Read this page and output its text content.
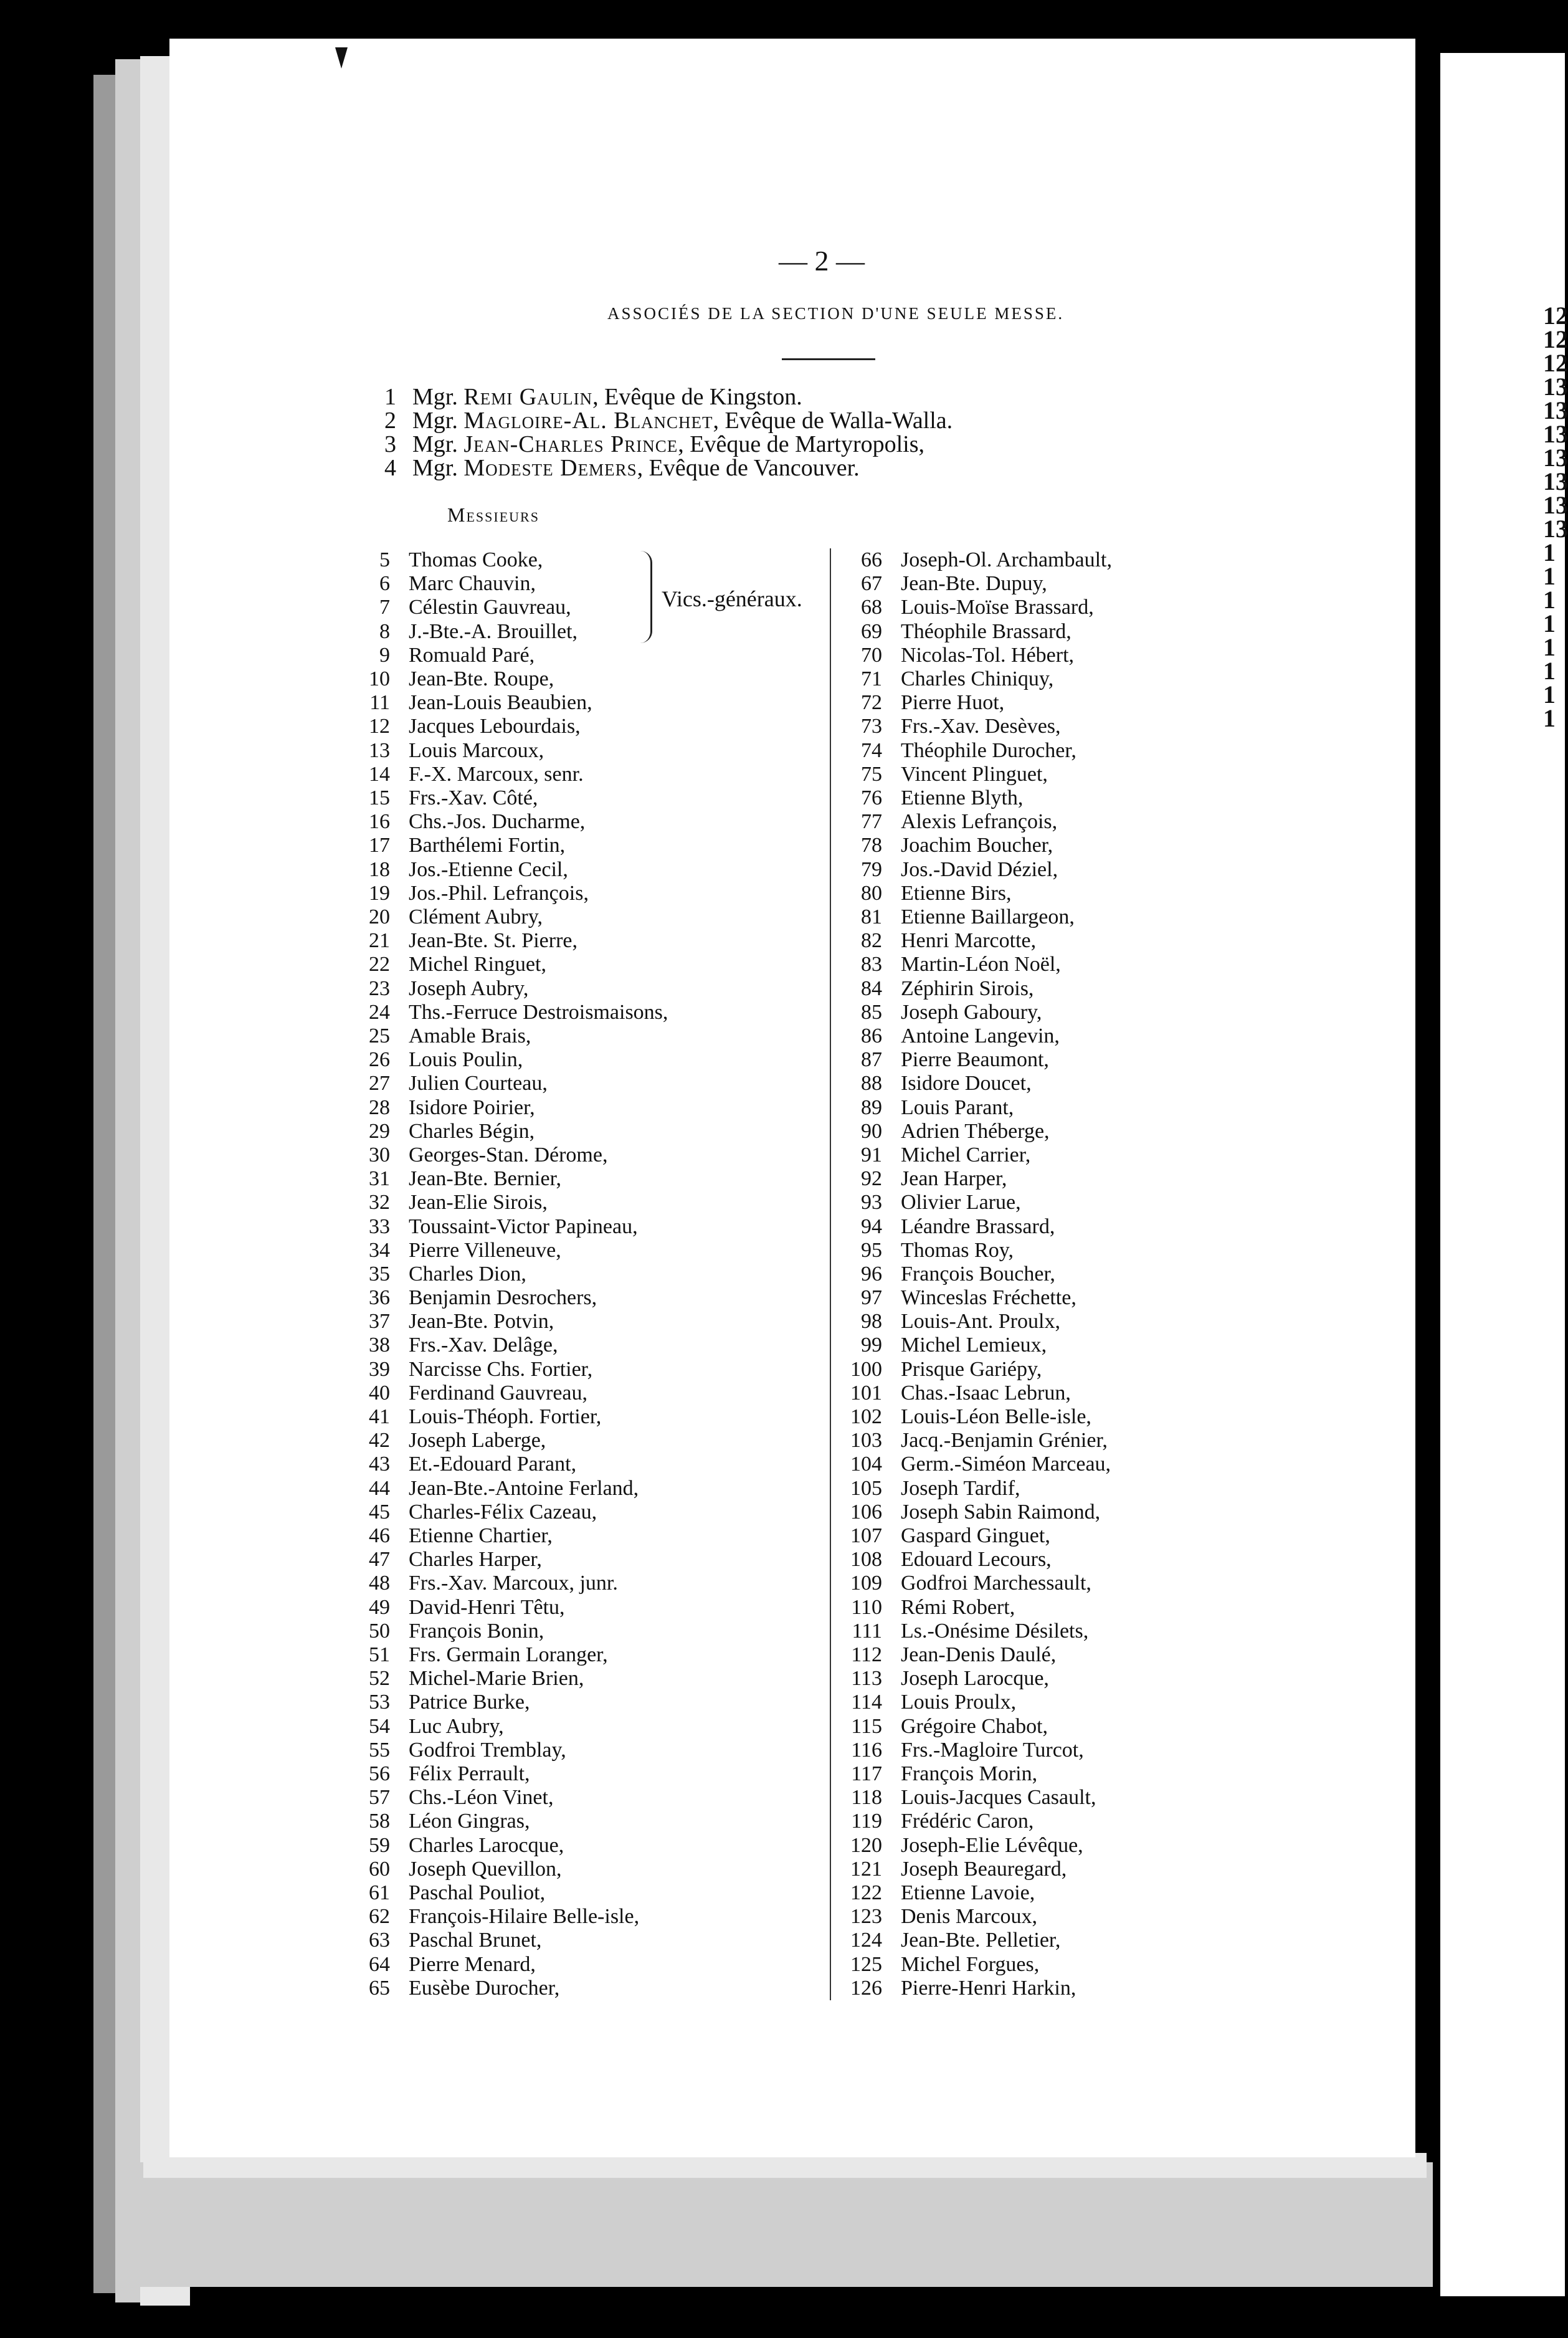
12
12
12
13
13
13
13
13
13
13
1
1
1
1
1
1
1
1
— 2 —
ASSOCIÉS DE LA SECTION D'UNE SEULE MESSE.
1 Mgr. Remi Gaulin, Evêque de Kingston.
2 Mgr. Magloire-Al. Blanchet, Evêque de Walla-Walla.
3 Mgr. Jean-Charles Prince, Evêque de Martyropolis,
4 Mgr. Modeste Demers, Evêque de Vancouver.
Messieurs
5 Thomas Cooke,
6 Marc Chauvin,
7 Célestin Gauvreau,
8 J.-Bte.-A. Brouillet,
9 Romuald Paré,
10 Jean-Bte. Roupe,
11 Jean-Louis Beaubien,
12 Jacques Lebourdais,
13 Louis Marcoux,
14 F.-X. Marcoux, senr.
15 Frs.-Xav. Côté,
16 Chs.-Jos. Ducharme,
17 Barthélemi Fortin,
18 Jos.-Etienne Cecil,
19 Jos.-Phil. Lefrançois,
20 Clément Aubry,
21 Jean-Bte. St. Pierre,
22 Michel Ringuet,
23 Joseph Aubry,
24 Ths.-Ferruce Destroismaisons,
25 Amable Brais,
26 Louis Poulin,
27 Julien Courteau,
28 Isidore Poirier,
29 Charles Bégin,
30 Georges-Stan. Dérome,
31 Jean-Bte. Bernier,
32 Jean-Elie Sirois,
33 Toussaint-Victor Papineau,
34 Pierre Villeneuve,
35 Charles Dion,
36 Benjamin Desrochers,
37 Jean-Bte. Potvin,
38 Frs.-Xav. Delâge,
39 Narcisse Chs. Fortier,
40 Ferdinand Gauvreau,
41 Louis-Théoph. Fortier,
42 Joseph Laberge,
43 Et.-Edouard Parant,
44 Jean-Bte.-Antoine Ferland,
45 Charles-Félix Cazeau,
46 Etienne Chartier,
47 Charles Harper,
48 Frs.-Xav. Marcoux, junr.
49 David-Henri Têtu,
50 François Bonin,
51 Frs. Germain Loranger,
52 Michel-Marie Brien,
53 Patrice Burke,
54 Luc Aubry,
55 Godfroi Tremblay,
56 Félix Perrault,
57 Chs.-Léon Vinet,
58 Léon Gingras,
59 Charles Larocque,
60 Joseph Quevillon,
61 Paschal Pouliot,
62 François-Hilaire Belle-isle,
63 Paschal Brunet,
64 Pierre Menard,
65 Eusèbe Durocher,
66 Joseph-Ol. Archambault,
67 Jean-Bte. Dupuy,
68 Louis-Moïse Brassard,
69 Théophile Brassard,
70 Nicolas-Tol. Hébert,
71 Charles Chiniquy,
72 Pierre Huot,
73 Frs.-Xav. Desèves,
74 Théophile Durocher,
75 Vincent Plinguet,
76 Etienne Blyth,
77 Alexis Lefrançois,
78 Joachim Boucher,
79 Jos.-David Déziel,
80 Etienne Birs,
81 Etienne Baillargeon,
82 Henri Marcotte,
83 Martin-Léon Noël,
84 Zéphirin Sirois,
85 Joseph Gaboury,
86 Antoine Langevin,
87 Pierre Beaumont,
88 Isidore Doucet,
89 Louis Parant,
90 Adrien Théberge,
91 Michel Carrier,
92 Jean Harper,
93 Olivier Larue,
94 Léandre Brassard,
95 Thomas Roy,
96 François Boucher,
97 Winceslas Fréchette,
98 Louis-Ant. Proulx,
99 Michel Lemieux,
100 Prisque Gariépy,
101 Chas.-Isaac Lebrun,
102 Louis-Léon Belle-isle,
103 Jacq.-Benjamin Grénier,
104 Germ.-Siméon Marceau,
105 Joseph Tardif,
106 Joseph Sabin Raimond,
107 Gaspard Ginguet,
108 Edouard Lecours,
109 Godfroi Marchessault,
110 Rémi Robert,
111 Ls.-Onésime Désilets,
112 Jean-Denis Daulé,
113 Joseph Larocque,
114 Louis Proulx,
115 Grégoire Chabot,
116 Frs.-Magloire Turcot,
117 François Morin,
118 Louis-Jacques Casault,
119 Frédéric Caron,
120 Joseph-Elie Lévêque,
121 Joseph Beauregard,
122 Etienne Lavoie,
123 Denis Marcoux,
124 Jean-Bte. Pelletier,
125 Michel Forgues,
126 Pierre-Henri Harkin,
Vics.-généraux.
